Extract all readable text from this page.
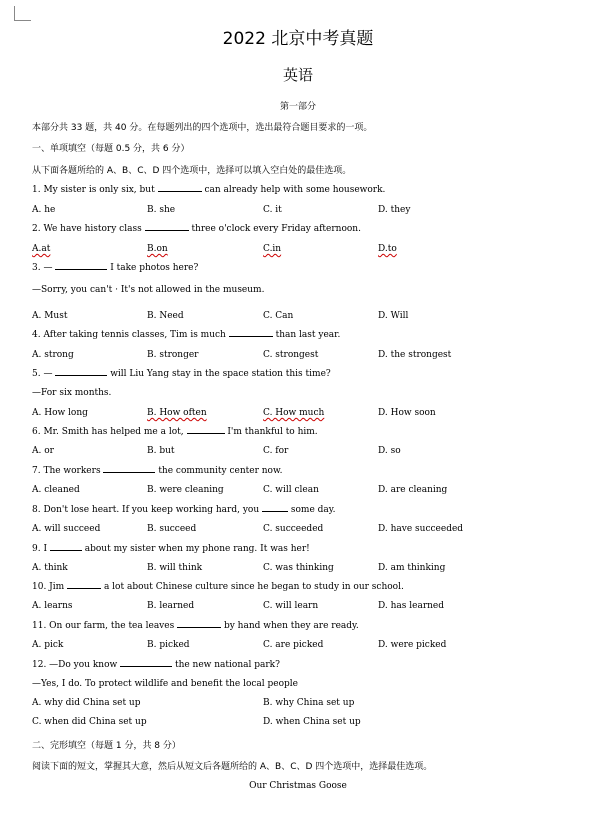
2022 北京中考真题
英语
第一部分
本部分共 33 题，共 40 分。在每题列出的四个选项中，选出最符合题目要求的一项。
一、单项填空（每题 0.5 分，共 6 分）
从下面各题所给的 A、B、C、D 四个选项中，选择可以填入空白处的最佳选项。
1. My sister is only six, but	can already help with some housework.
A. he	B. she	C. it	D. they
2. We have history class	three o'clock every Friday afternoon.
A.at	B.on	C.in	D.to
3. —	I take photos here?
—Sorry, you can't · It's not allowed in the museum.
A. Must	B. Need	C. Can	D. Will
4. After taking tennis classes, Tim is much	than last year.
A. strong	B. stronger	C. strongest	D. the strongest
5. —	will Liu Yang stay in the space station this time?
—For six months.
A. How long	B. How often	C. How much	D. How soon
6. Mr. Smith has helped me a lot,	I'm thankful to him.
A. or	B. but	C. for	D. so
7. The workers	the community center now.
A. cleaned	B. were cleaning	C. will clean	D. are cleaning
8. Don't lose heart. If you keep working hard, you	some day.
A. will succeed	B. succeed	C. succeeded	D. have succeeded
9. I	about my sister when my phone rang. It was her!
A. think	B. will think	C. was thinking	D. am thinking
10. Jim	a lot about Chinese culture since he began to study in our school.
A. learns	B. learned	C. will learn	D. has learned
11. On our farm, the tea leaves	by hand when they are ready.
A. pick	B. picked	C. are picked	D. were picked
12. —Do you know	the new national park?
—Yes, I do. To protect wildlife and benefit the local people
A. why did China set up	B. why China set up
C. when did China set up	D. when China set up
二、完形填空（每题 1 分，共 8 分）
阅读下面的短文，掌握其大意，然后从短文后各题所给的 A、B、C、D 四个选项中，选择最佳选项。
Our Christmas Goose
